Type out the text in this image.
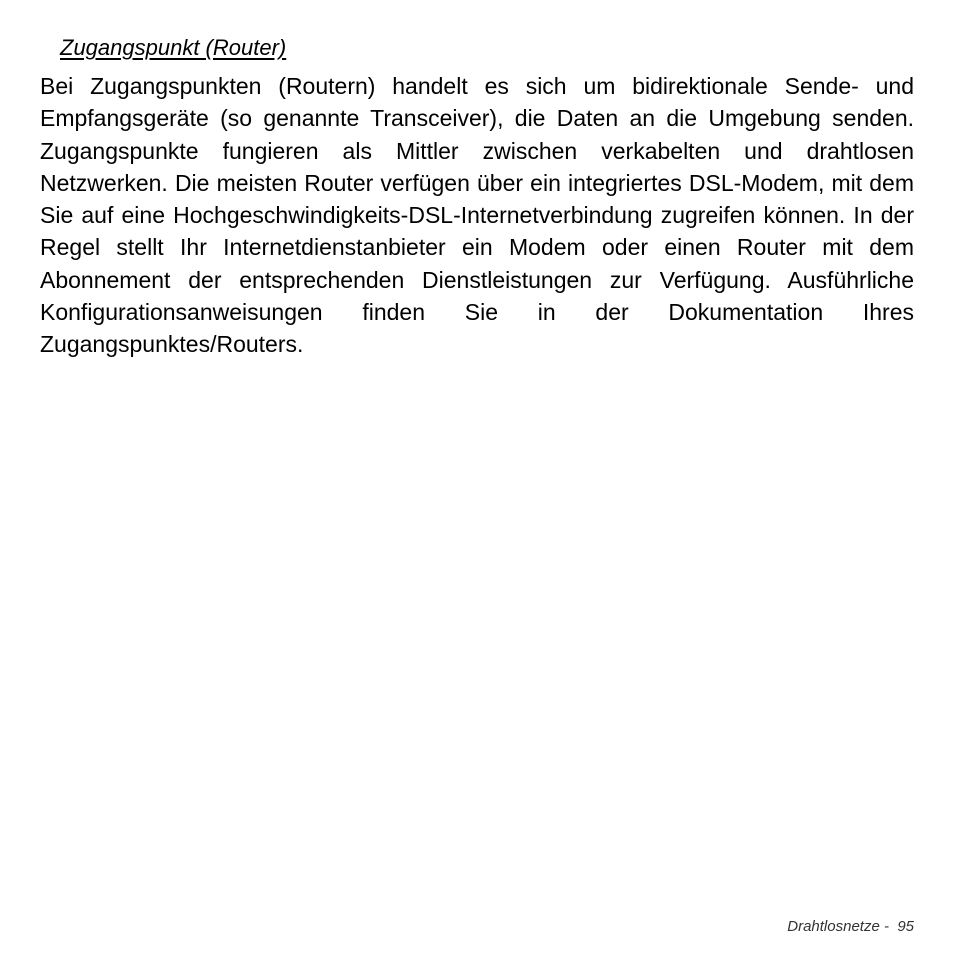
Zugangspunkt (Router)

Bei Zugangspunkten (Routern) handelt es sich um bidirektionale Sende- und Empfangsgeräte (so genannte Transceiver), die Daten an die Umgebung senden. Zugangspunkte fungieren als Mittler zwischen verkabelten und drahtlosen Netzwerken. Die meisten Router verfügen über ein integriertes DSL-Modem, mit dem Sie auf eine Hochgeschwindigkeits-DSL-Internetverbindung zugreifen können. In der Regel stellt Ihr Internetdienstanbieter ein Modem oder einen Router mit dem Abonnement der entsprechenden Dienstleistungen zur Verfügung. Ausführliche Konfigurationsanweisungen finden Sie in der Dokumentation Ihres Zugangspunktes/Routers.

Drahtlosnetze -  95
